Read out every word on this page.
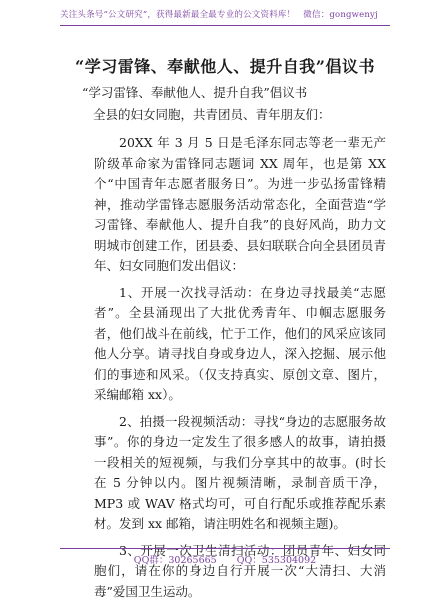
关注头条号“公文研究”，获得最新最全最专业的公文资料库！ 微信：gongwenyj
“学习雷锋、奉献他人、提升自我”倡议书
“学习雷锋、奉献他人、提升自我”倡议书
全县的妇女同胞，共青团员、青年朋友们：

20XX 年 3 月 5 日是毛泽东同志等老一辈无产阶级革命家为雷锋同志题词 XX 周年，也是第 XX 个“中国青年志愿者服务日”。为进一步弘扬雷锋精神，推动学雷锋志愿服务活动常态化，全面营造“学习雷锋、奉献他人、提升自我”的良好风尚，助力文明城市创建工作，团县委、县妇联联合向全县团员青年、妇女同胞们发出倡议：

1、开展一次找寻活动：在身边寻找最美“志愿者”。全县涌现出了大批优秀青年、巾帼志愿服务者，他们战斗在前线，忙于工作，他们的风采应该同他人分享。请寻找自身或身边人，深入挖掘、展示他们的事迹和风采。（仅支持真实、原创文章、图片，采编邮箱 xx）。

2、拍摄一段视频活动：寻找“身边的志愿服务故事”。你的身边一定发生了很多感人的故事，请拍摄一段相关的短视频，与我们分享其中的故事。(时长在 5 分钟以内。图片视频清晰，录制音质干净，MP3 或 WAV 格式均可，可自行配乐或推荐配乐素材。发到 xx 邮箱，请注明姓名和视频主题)。

3、开展一次卫生清扫活动：团员青年、妇女同胞们，请在你的身边自行开展一次“大清扫、大消毒”爱国卫生运动。

QQ群：30265665 QQ：535304092
